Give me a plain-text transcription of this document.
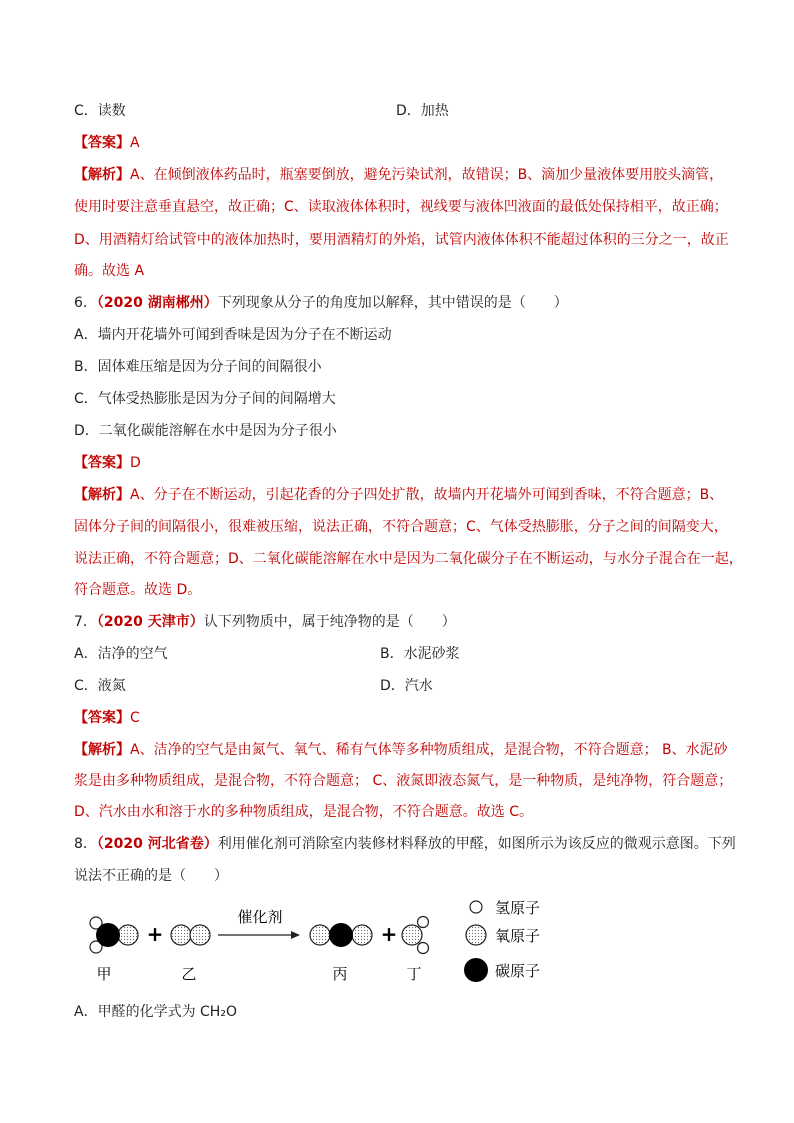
C．读数	D．加热
【答案】A
【解析】A、在倾倒液体药品时，瓶塞要倒放，避免污染试剂，故错误；B、滴加少量液体要用胶头滴管，
使用时要注意垂直悬空，故正确；C、读取液体体积时，视线要与液体凹液面的最低处保持相平，故正确；
D、用酒精灯给试管中的液体加热时，要用酒精灯的外焰，试管内液体体积不能超过体积的三分之一，故正
确。故选 A
6．（2020 湖南郴州）下列现象从分子的角度加以解释，其中错误的是（　　）
A．墙内开花墙外可闻到香味是因为分子在不断运动
B．固体难压缩是因为分子间的间隔很小
C．气体受热膨胀是因为分子间的间隔增大
D．二氧化碳能溶解在水中是因为分子很小
【答案】D
【解析】A、分子在不断运动，引起花香的分子四处扩散，故墙内开花墙外可闻到香味，不符合题意；B、
固体分子间的间隔很小，很难被压缩，说法正确，不符合题意；C、气体受热膨胀，分子之间的间隔变大，
说法正确，不符合题意；D、二氧化碳能溶解在水中是因为二氧化碳分子在不断运动，与水分子混合在一起，
符合题意。故选 D。
7．（2020 天津市）认下列物质中，属于纯净物的是（　　）
A．洁净的空气	B．水泥砂浆
C．液氮	D．汽水
【答案】C
【解析】A、洁净的空气是由氮气、氧气、稀有气体等多种物质组成，是混合物，不符合题意； B、水泥砂
浆是由多种物质组成，是混合物，不符合题意； C、液氮即液态氮气，是一种物质，是纯净物，符合题意；
D、汽水由水和溶于水的多种物质组成，是混合物，不符合题意。故选 C。
8．（2020 河北省卷）利用催化剂可消除室内装修材料释放的甲醛，如图所示为该反应的微观示意图。下列
说法不正确的是（　　）
甲
+
乙
催化剂
丙
+
丁
氢原子
氧原子
碳原子
A．甲醛的化学式为 CH₂O
